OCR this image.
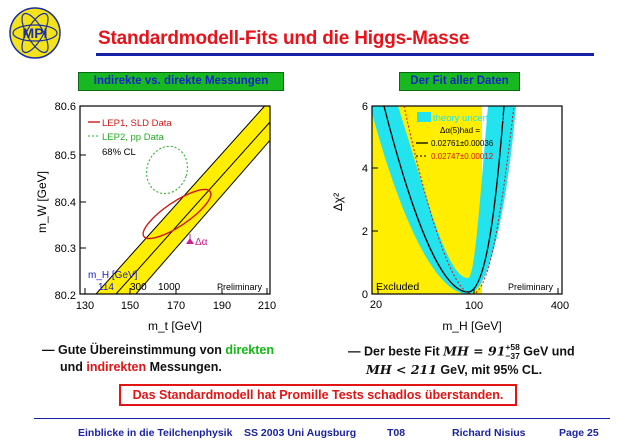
MPI	Standardmodell-Fits und die Higgs-Masse
Indirekte vs. direkte Messungen	Der Fit aller Daten
130 150	170	190 210
80.6
80.5
80.4
80.3
80.2
LEP1, SLD Data
LEP2, pp Data
68% CL
m_H [GeV]
114 300 1000
Δα
Preliminary
m_t [GeV]
m_W [GeV]
6
4
2
0
20	100	400
theory uncertainty
Δα(5)had =
0.02761±0.00036
0.02747±0.00012
Excluded	Preliminary
m_H [GeV]
Δχ²
— Gute Übereinstimmung von direkten
und indirekten Messungen.
— Der beste Fit MH = 91 +58
−37 GeV und
MH < 211 GeV, mit 95% CL.
Das Standardmodell hat Promille Tests schadlos überstanden.
Einblicke in die Teilchenphysik SS 2003 Uni Augsburg	T08	Richard Nisius	Page 25
